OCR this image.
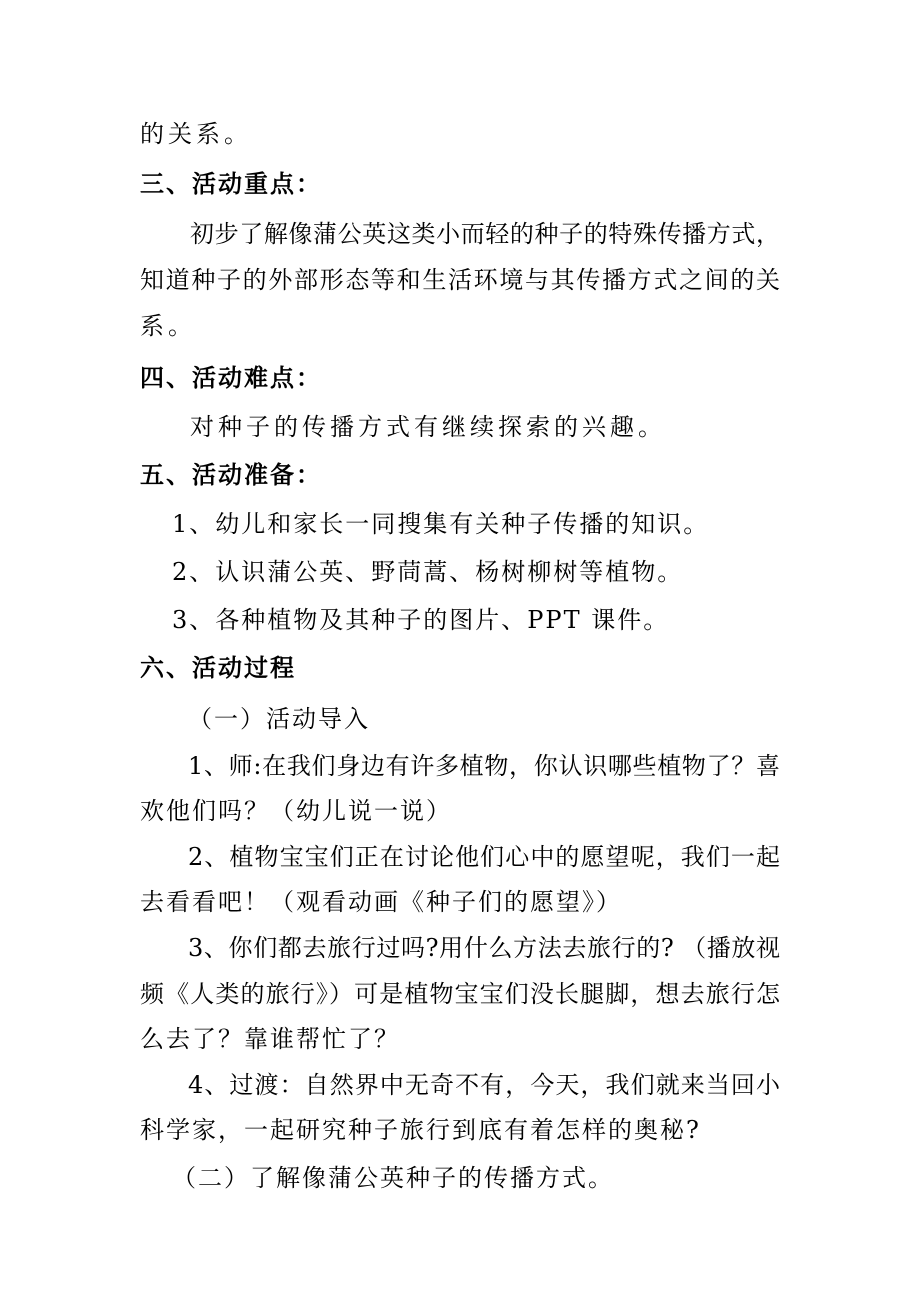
的关系。
三、活动重点：
初步了解像蒲公英这类小而轻的种子的特殊传播方式，
知道种子的外部形态等和生活环境与其传播方式之间的关
系。
四、活动难点：
对种子的传播方式有继续探索的兴趣。
五、活动准备：
1、幼儿和家长一同搜集有关种子传播的知识。
2、认识蒲公英、野茼蒿、杨树柳树等植物。
3、各种植物及其种子的图片、PPT 课件。
六、活动过程
（一）活动导入
1、师:在我们身边有许多植物，你认识哪些植物了？喜
欢他们吗？（幼儿说一说）
2、植物宝宝们正在讨论他们心中的愿望呢，我们一起
去看看吧！（观看动画《种子们的愿望》）
3、你们都去旅行过吗?用什么方法去旅行的? （播放视
频《人类的旅行》）可是植物宝宝们没长腿脚，想去旅行怎
么去了？靠谁帮忙了？
4、过渡：自然界中无奇不有，今天，我们就来当回小
科学家，一起研究种子旅行到底有着怎样的奥秘?
（二）了解像蒲公英种子的传播方式。
